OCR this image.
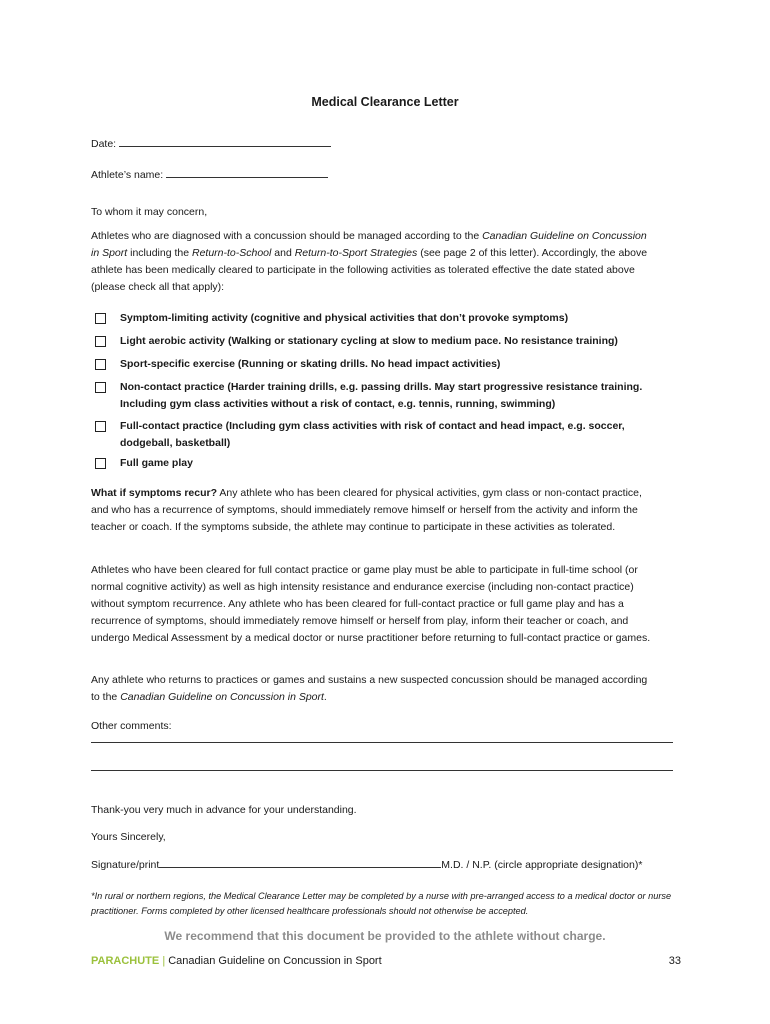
Medical Clearance Letter
Date:
Athlete’s name:
To whom it may concern,

Athletes who are diagnosed with a concussion should be managed according to the Canadian Guideline on Concussion in Sport including the Return-to-School and Return-to-Sport Strategies (see page 2 of this letter). Accordingly, the above athlete has been medically cleared to participate in the following activities as tolerated effective the date stated above (please check all that apply):

Symptom-limiting activity (cognitive and physical activities that don’t provoke symptoms)
Light aerobic activity (Walking or stationary cycling at slow to medium pace. No resistance training)
Sport-specific exercise (Running or skating drills. No head impact activities)
Non-contact practice (Harder training drills, e.g. passing drills. May start progressive resistance training. Including gym class activities without a risk of contact, e.g. tennis, running, swimming)
Full-contact practice (Including gym class activities with risk of contact and head impact, e.g. soccer, dodgeball, basketball)
Full game play

What if symptoms recur? Any athlete who has been cleared for physical activities, gym class or non-contact practice, and who has a recurrence of symptoms, should immediately remove himself or herself from the activity and inform the teacher or coach. If the symptoms subside, the athlete may continue to participate in these activities as tolerated.

Athletes who have been cleared for full contact practice or game play must be able to participate in full-time school (or normal cognitive activity) as well as high intensity resistance and endurance exercise (including non-contact practice) without symptom recurrence. Any athlete who has been cleared for full-contact practice or full game play and has a recurrence of symptoms, should immediately remove himself or herself from play, inform their teacher or coach, and undergo Medical Assessment by a medical doctor or nurse practitioner before returning to full-contact practice or games.

Any athlete who returns to practices or games and sustains a new suspected concussion should be managed according to the Canadian Guideline on Concussion in Sport.

Other comments:
Thank-you very much in advance for your understanding.
Yours Sincerely,
Signature/print	M.D. / N.P. (circle appropriate designation)*
*In rural or northern regions, the Medical Clearance Letter may be completed by a nurse with pre-arranged access to a medical doctor or nurse practitioner. Forms completed by other licensed healthcare professionals should not otherwise be accepted.
We recommend that this document be provided to the athlete without charge.
PARACHUTE | Canadian Guideline on Concussion in Sport	33
